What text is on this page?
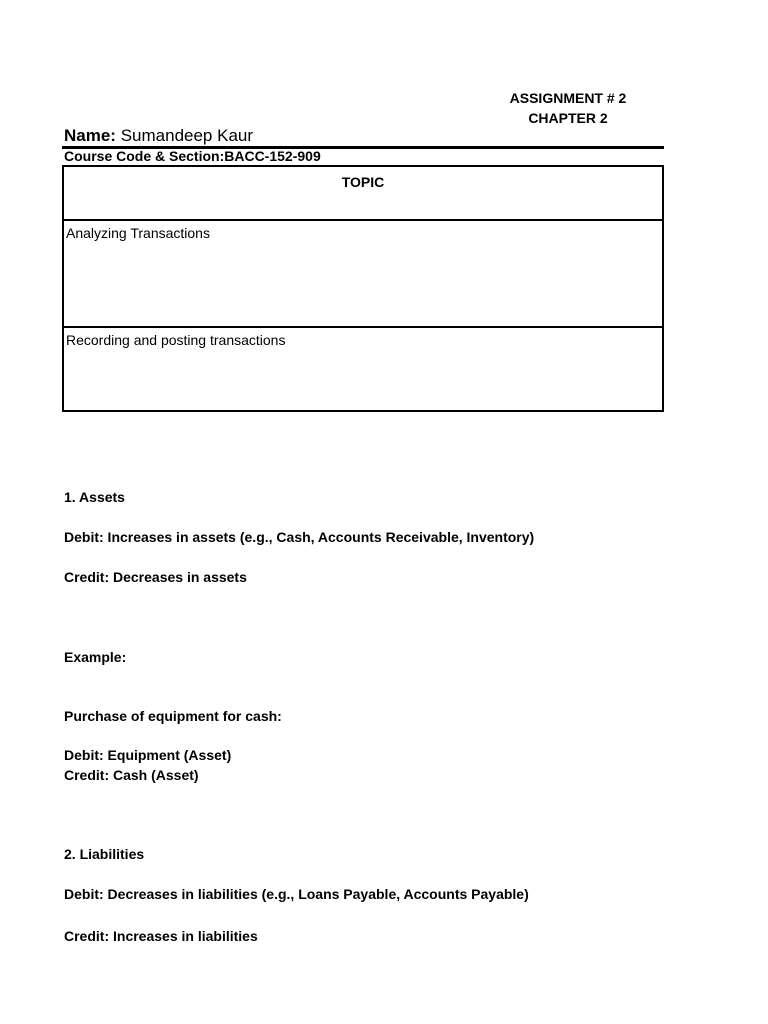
ASSIGNMENT # 2
CHAPTER 2
Name: Sumandeep Kaur
Course Code & Section:BACC-152-909
TOPIC
Analyzing Transactions
Recording and posting transactions
1. Assets
Debit: Increases in assets (e.g., Cash, Accounts Receivable, Inventory)
Credit: Decreases in assets
Example:
Purchase of equipment for cash:
Debit: Equipment (Asset)
Credit: Cash (Asset)
2. Liabilities
Debit: Decreases in liabilities (e.g., Loans Payable, Accounts Payable)
Credit: Increases in liabilities
